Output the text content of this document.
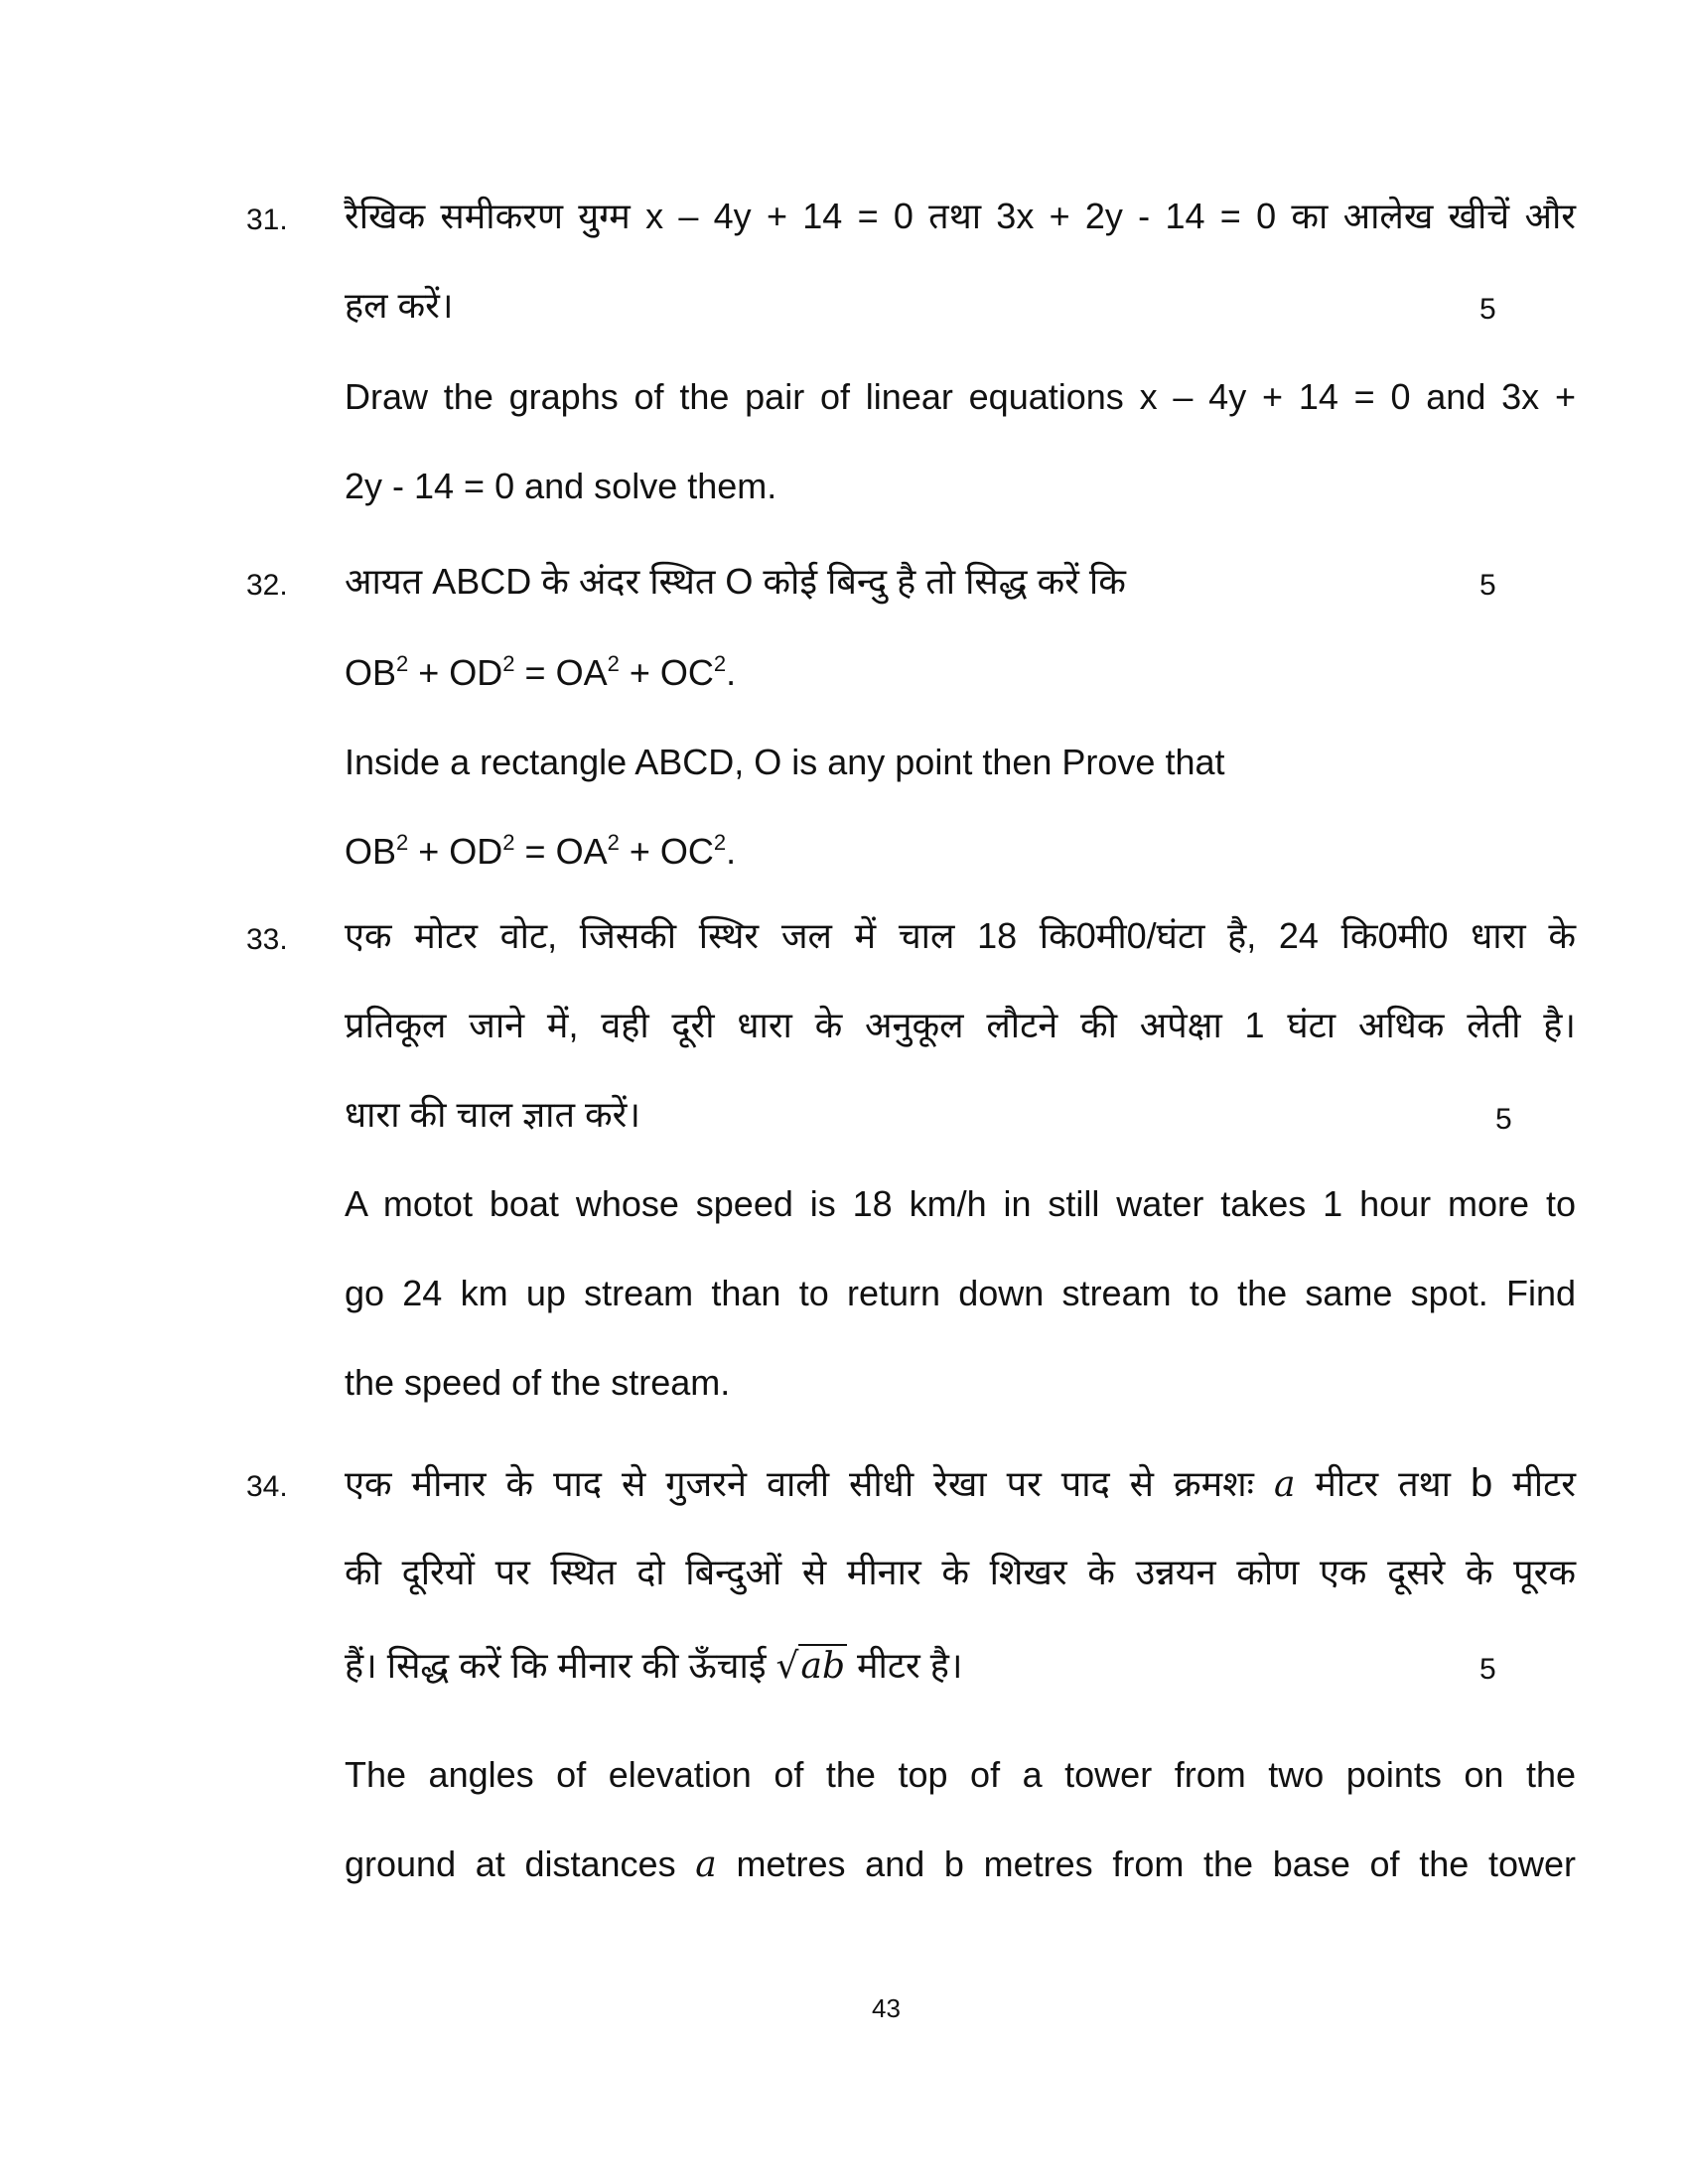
31. रैखिक समीकरण युग्म x – 4y + 14 = 0 तथा 3x + 2y - 14 = 0 का आलेख खीचें और
हल करें।	5
Draw the graphs of the pair of linear equations x – 4y + 14 = 0 and 3x +
2y - 14 = 0 and solve them.
32. आयत ABCD के अंदर स्थित O कोई बिन्दु है तो सिद्ध करें कि	5
$OB^2 + OD^2 = OA^2 + OC^2$.
Inside a rectangle ABCD, O is any point then Prove that
$OB^2 + OD^2 = OA^2 + OC^2$.
33. एक मोटर वोट, जिसकी स्थिर जल में चाल 18 कि0मी0/घंटा है, 24 कि0मी0 धारा के
प्रतिकूल जाने में, वही दूरी धारा के अनुकूल लौटने की अपेक्षा 1 घंटा अधिक लेती है।
धारा की चाल ज्ञात करें।	5
A motot boat whose speed is 18 km/h in still water takes 1 hour more to
go 24 km up stream than to return down stream to the same spot. Find
the speed of the stream.
34. एक मीनार के पाद से गुजरने वाली सीधी रेखा पर पाद से क्रमशः a मीटर तथा b मीटर
की दूरियों पर स्थित दो बिन्दुओं से मीनार के शिखर के उन्नयन कोण एक दूसरे के पूरक
हैं। सिद्ध करें कि मीनार की ऊँचाई √ab मीटर है।	5
The angles of elevation of the top of a tower from two points on the
ground at distances a metres and b metres from the base of the tower
43
